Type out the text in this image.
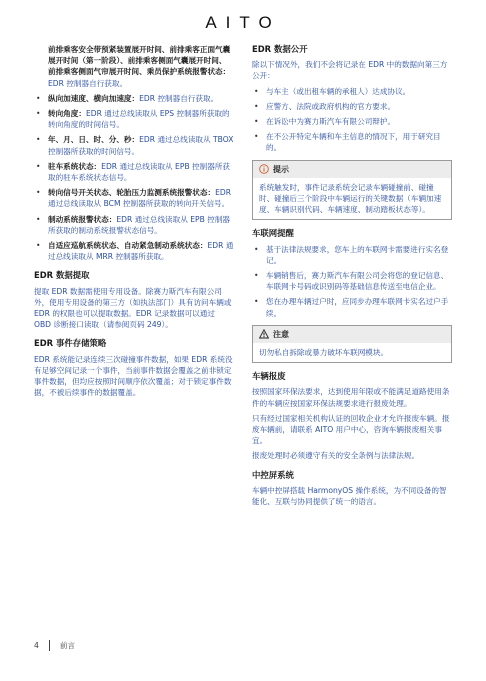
AITO
前排乘客安全带预紧装置展开时间、前排乘客正面气囊展开时间（第一阶段）、前排乘客侧面气囊展开时间、前排乘客侧面气帘展开时间、乘员保护系统报警状态：EDR 控制器自行获取。
• 纵向加速度、横向加速度：EDR 控制器自行获取。
• 转向角度：EDR 通过总线读取从 EPS 控制器所获取的转向角度的时间信号。
• 年、月、日、时、分、秒：EDR 通过总线读取从 TBOX 控制器所获取的时间信号。
• 驻车系统状态：EDR 通过总线读取从 EPB 控制器所获取的驻车系统状态信号。
• 转向信号开关状态、轮胎压力监测系统报警状态：EDR 通过总线读取从 BCM 控制器所获取的转向开关信号。
• 制动系统报警状态：EDR 通过总线读取从 EPB 控制器所获取的制动系统报警状态信号。
• 自适应巡航系统状态、自动紧急制动系统状态：EDR 通过总线读取从 MRR 控制器所获取。
EDR 数据提取
提取 EDR 数据需使用专用设备。除赛力斯汽车有限公司外，使用专用设备的第三方（如执法部门）具有访问车辆或 EDR 的权限也可以提取数据。EDR 记录数据可以通过 OBD 诊断接口读取（请参阅页码 249）。
EDR 事件存储策略
EDR 系统能记录连续三次碰撞事件数据，如果 EDR 系统没有足够空间记录一个事件，当前事件数据会覆盖之前非锁定事件数据，但均应按照时间顺序依次覆盖；对于锁定事件数据，不被后续事件的数据覆盖。
EDR 数据公开
除以下情况外，我们不会将记录在 EDR 中的数据向第三方公开：
• 与车主（或出租车辆的承租人）达成协议。
• 应警方、法院或政府机构的官方要求。
• 在诉讼中为赛力斯汽车有限公司辩护。
• 在不公开特定车辆和车主信息的情况下，用于研究目的。
提示
系统触发时，事件记录系统会记录车辆碰撞前、碰撞时、碰撞后三个阶段中车辆运行的关键数据（车辆加速度、车辆识别代码、车辆速度、制动踏板状态等）。
车联网提醒
• 基于法律法规要求，您车上的车联网卡需要进行实名登记。
• 车辆销售后，赛力斯汽车有限公司会将您的登记信息、车联网卡号码或识别码等基础信息传送至电信企业。
• 您在办理车辆过户时，应同步办理车联网卡实名过户手续。
注意
切勿私自拆除或暴力破坏车联网模块。
车辆报废
按照国家环保法要求，达到使用年限或不能满足道路使用条件的车辆应按国家环保法规要求进行报废处理。
只有经过国家相关机构认证的回收企业才允许报废车辆。报废车辆前，请联系 AITO 用户中心，咨询车辆报废相关事宜。
报废处理时必须遵守有关的安全条例与法律法规。
中控屏系统
车辆中控屏搭载 HarmonyOS 操作系统，为不同设备的智能化、互联与协同提供了统一的语言。
4	前言
